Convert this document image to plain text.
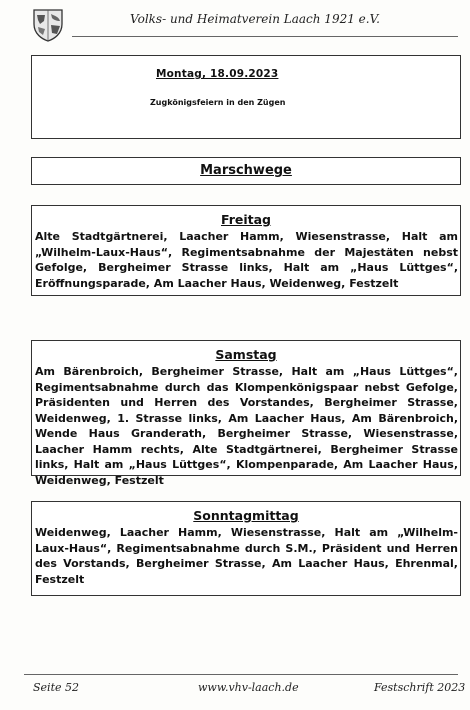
Volks- und Heimatverein Laach 1921 e.V.
Montag, 18.09.2023
Zugkönigsfeiern in den Zügen
Marschwege
Freitag

Alte Stadtgärtnerei, Laacher Hamm, Wiesenstrasse, Halt am „Wilhelm-Laux-Haus“, Regimentsabnahme der Majestäten nebst Gefolge, Bergheimer Strasse links, Halt am „Haus Lüttges“, Eröffnungsparade, Am Laacher Haus, Weidenweg, Festzelt

Samstag

Am Bärenbroich, Bergheimer Strasse, Halt am „Haus Lüttges“, Regimentsabnahme durch das Klompenkönigspaar nebst Gefolge, Präsidenten und Herren des Vorstandes, Bergheimer Strasse, Weidenweg, 1. Strasse links, Am Laacher Haus, Am Bärenbroich, Wende Haus Granderath, Bergheimer Strasse, Wiesenstrasse, Laacher Hamm rechts, Alte Stadtgärtnerei, Bergheimer Strasse links, Halt am „Haus Lüttges“, Klompenparade, Am Laacher Haus, Weidenweg, Festzelt

Sonntagmittag

Weidenweg, Laacher Hamm, Wiesenstrasse, Halt am „Wilhelm-Laux-Haus“, Regimentsabnahme durch S.M., Präsident und Herren des Vorstands, Bergheimer Strasse, Am Laacher Haus, Ehrenmal, Festzelt

Seite 52	www.vhv-laach.de	Festschrift 2023
